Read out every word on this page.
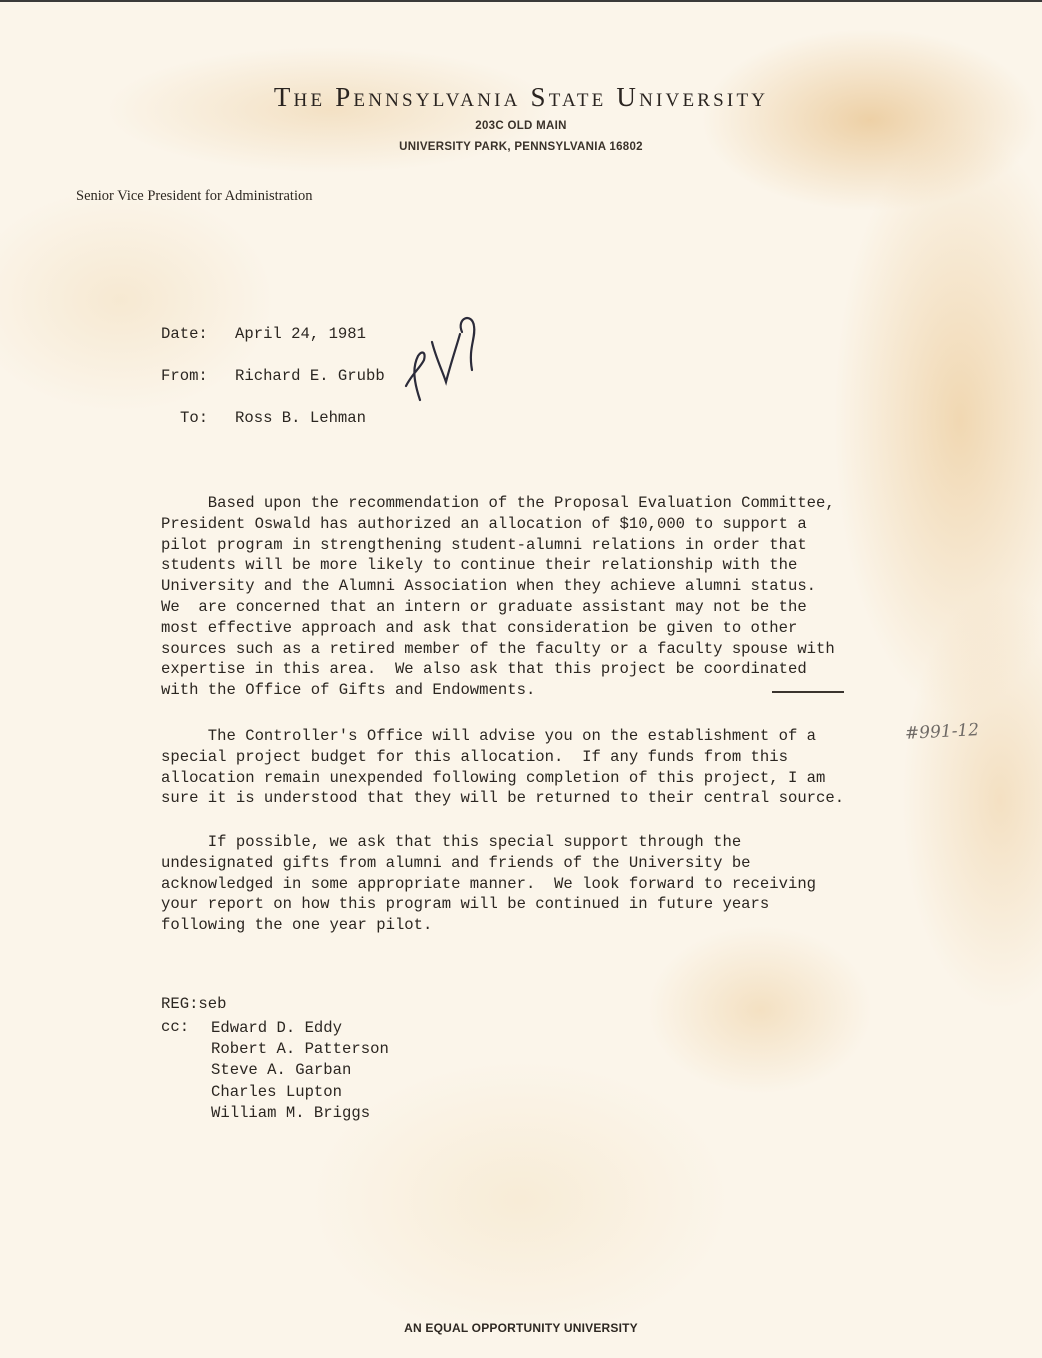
The Pennsylvania State University
203C OLD MAIN
UNIVERSITY PARK, PENNSYLVANIA 16802
Senior Vice President for Administration
Date: April 24, 1981
From: Richard E. Grubb
To: Ross B. Lehman
Based upon the recommendation of the Proposal Evaluation Committee,
President Oswald has authorized an allocation of $10,000 to support a
pilot program in strengthening student-alumni relations in order that
students will be more likely to continue their relationship with the
University and the Alumni Association when they achieve alumni status.
We  are concerned that an intern or graduate assistant may not be the
most effective approach and ask that consideration be given to other
sources such as a retired member of the faculty or a faculty spouse with
expertise in this area.  We also ask that this project be coordinated
with the Office of Gifts and Endowments.
The Controller's Office will advise you on the establishment of a
special project budget for this allocation.  If any funds from this
allocation remain unexpended following completion of this project, I am
sure it is understood that they will be returned to their central source.
#991-12
If possible, we ask that this special support through the
undesignated gifts from alumni and friends of the University be
acknowledged in some appropriate manner.  We look forward to receiving
your report on how this program will be continued in future years
following the one year pilot.
REG:seb
cc: Edward D. Eddy
Robert A. Patterson
Steve A. Garban
Charles Lupton
William M. Briggs
AN EQUAL OPPORTUNITY UNIVERSITY
